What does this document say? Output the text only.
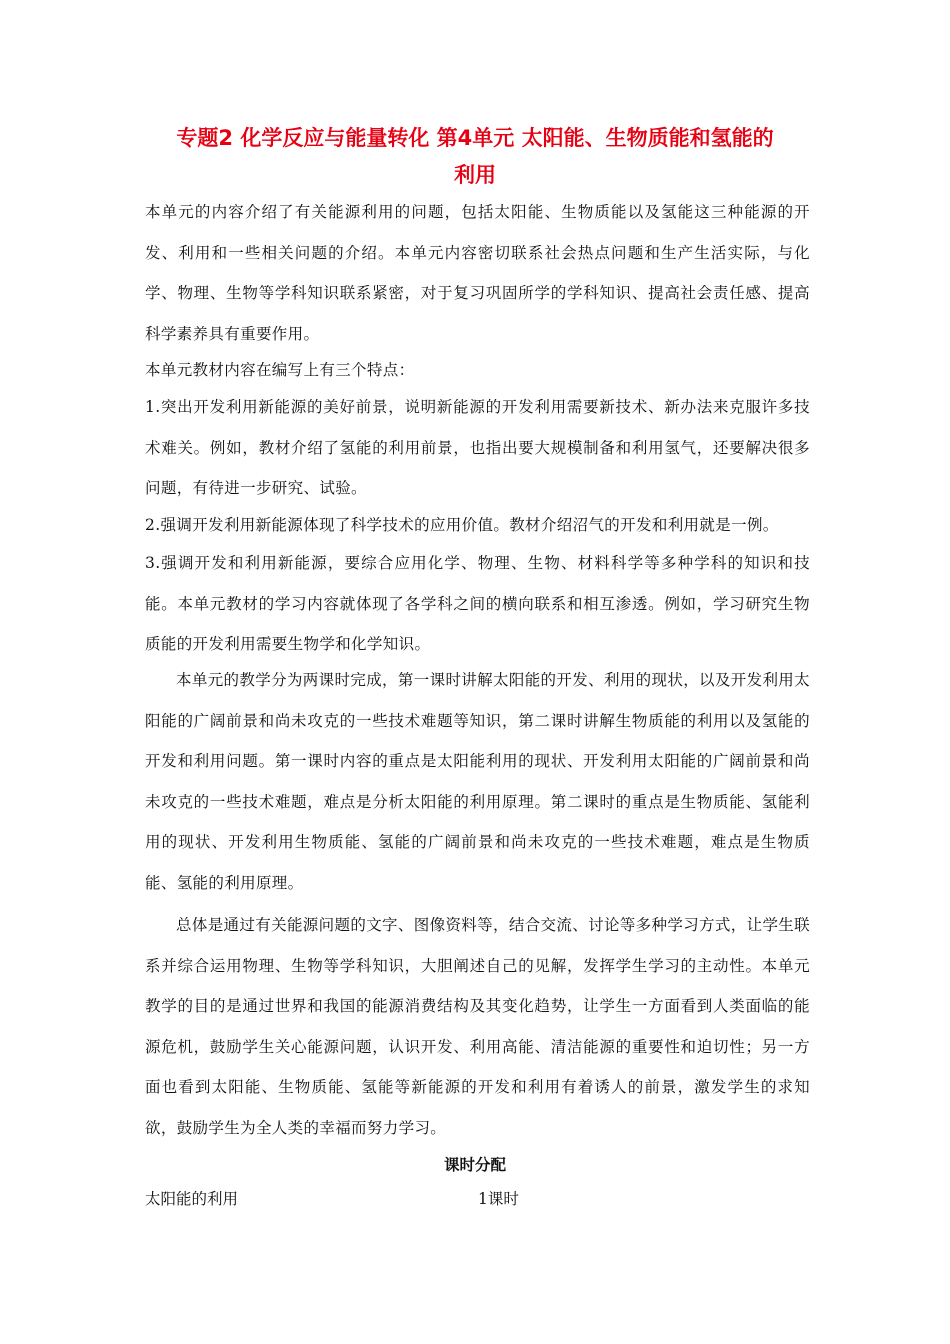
专题2 化学反应与能量转化 第4单元 太阳能、生物质能和氢能的
利用
本单元的内容介绍了有关能源利用的问题，包括太阳能、生物质能以及氢能这三种能源的开发、利用和一些相关问题的介绍。本单元内容密切联系社会热点问题和生产生活实际，与化学、物理、生物等学科知识联系紧密，对于复习巩固所学的学科知识、提高社会责任感、提高科学素养具有重要作用。
本单元教材内容在编写上有三个特点：
1.突出开发利用新能源的美好前景，说明新能源的开发利用需要新技术、新办法来克服许多技术难关。例如，教材介绍了氢能的利用前景，也指出要大规模制备和利用氢气，还要解决很多问题，有待进一步研究、试验。
2.强调开发利用新能源体现了科学技术的应用价值。教材介绍沼气的开发和利用就是一例。
3.强调开发和利用新能源，要综合应用化学、物理、生物、材料科学等多种学科的知识和技能。本单元教材的学习内容就体现了各学科之间的横向联系和相互渗透。例如，学习研究生物质能的开发利用需要生物学和化学知识。
本单元的教学分为两课时完成，第一课时讲解太阳能的开发、利用的现状，以及开发利用太阳能的广阔前景和尚未攻克的一些技术难题等知识，第二课时讲解生物质能的利用以及氢能的开发和利用问题。第一课时内容的重点是太阳能利用的现状、开发利用太阳能的广阔前景和尚未攻克的一些技术难题，难点是分析太阳能的利用原理。第二课时的重点是生物质能、氢能利用的现状、开发利用生物质能、氢能的广阔前景和尚未攻克的一些技术难题，难点是生物质能、氢能的利用原理。
总体是通过有关能源问题的文字、图像资料等，结合交流、讨论等多种学习方式，让学生联系并综合运用物理、生物等学科知识，大胆阐述自己的见解，发挥学生学习的主动性。本单元教学的目的是通过世界和我国的能源消费结构及其变化趋势，让学生一方面看到人类面临的能源危机，鼓励学生关心能源问题，认识开发、利用高能、清洁能源的重要性和迫切性；另一方面也看到太阳能、生物质能、氢能等新能源的开发和利用有着诱人的前景，激发学生的求知欲，鼓励学生为全人类的幸福而努力学习。
课时分配
太阳能的利用	1课时
